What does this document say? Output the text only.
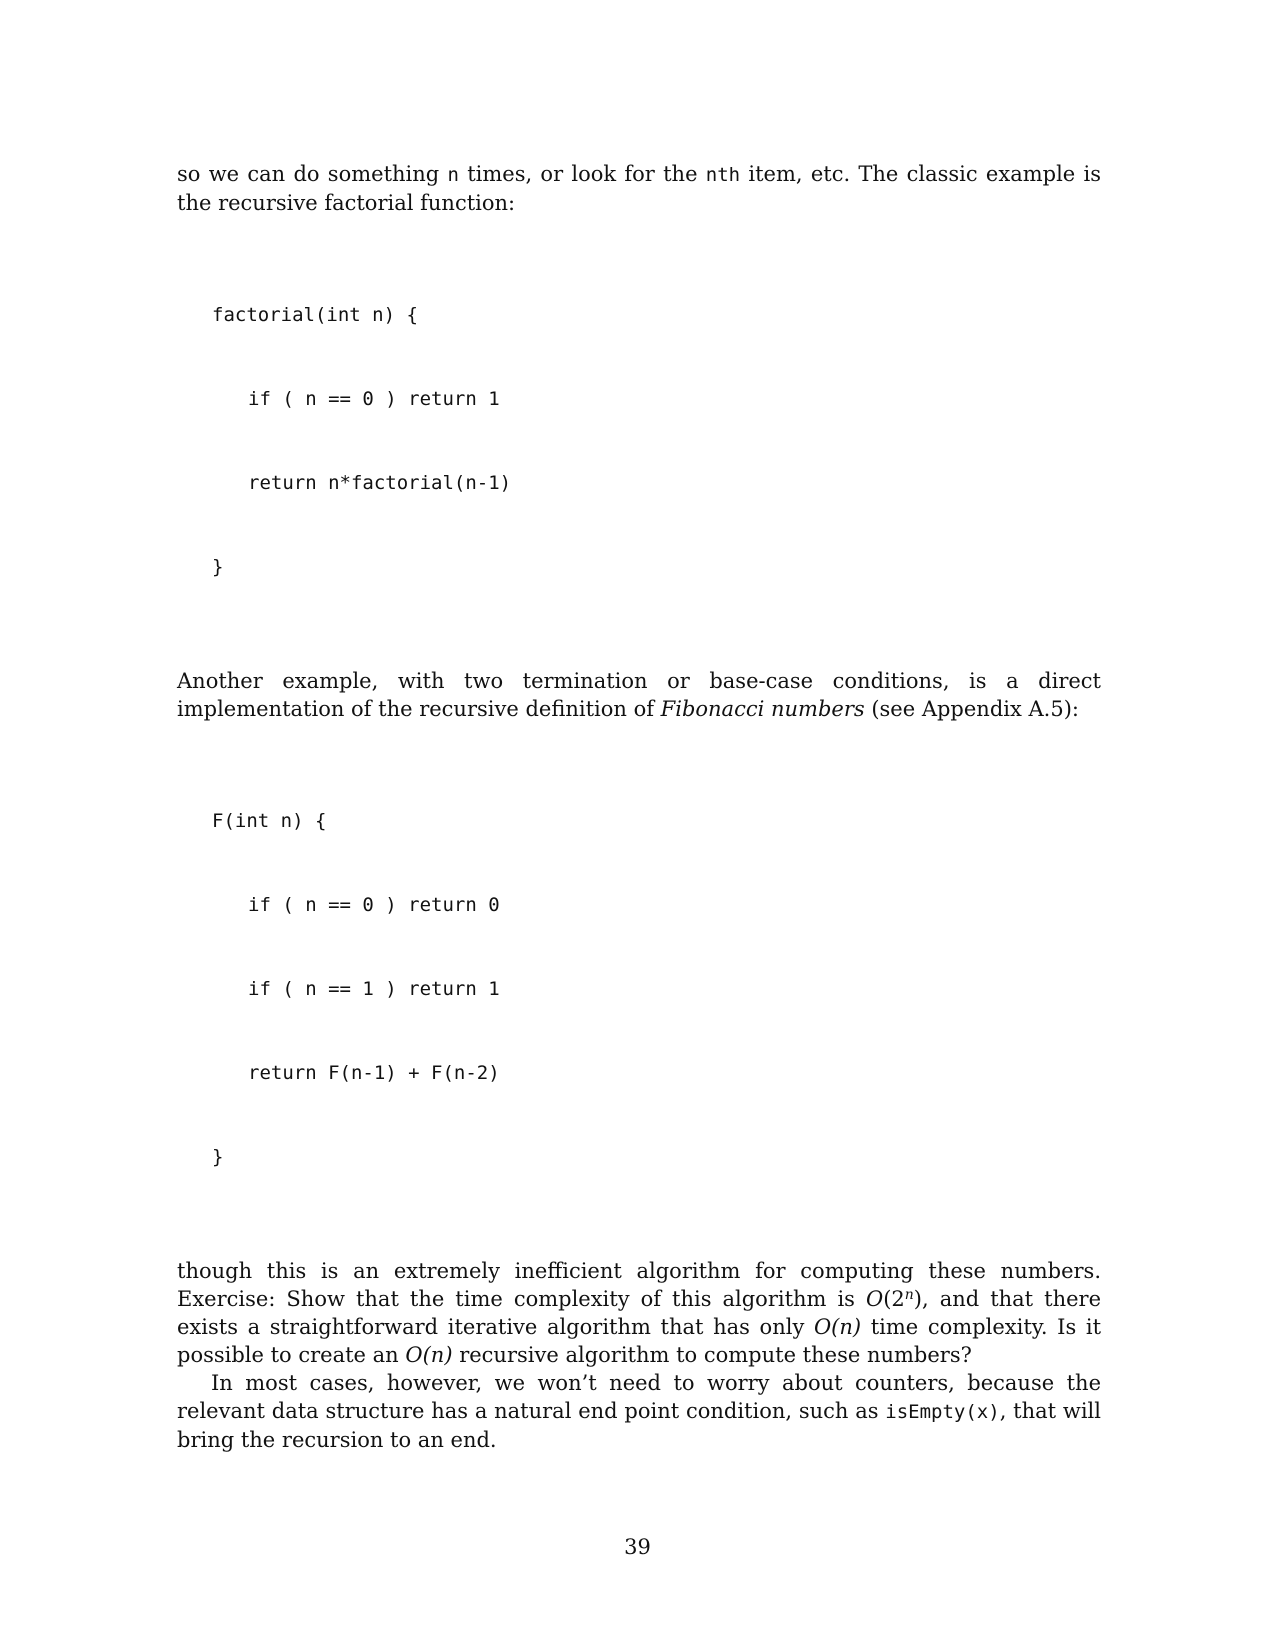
so we can do something n times, or look for the nth item, etc. The classic example is the recursive factorial function:

factorial(int n) {

if ( n == 0 ) return 1

return n*factorial(n-1)

}

Another example, with two termination or base-case conditions, is a direct implementation of the recursive definition of Fibonacci numbers (see Appendix A.5):

F(int n) {

if ( n == 0 ) return 0

if ( n == 1 ) return 1

return F(n-1) + F(n-2)

}

though this is an extremely inefficient algorithm for computing these numbers. Exercise: Show that the time complexity of this algorithm is O(2$^n$), and that there exists a straightforward iterative algorithm that has only O(n) time complexity. Is it possible to create an O(n) recursive algorithm to compute these numbers?

In most cases, however, we won’t need to worry about counters, because the relevant data structure has a natural end point condition, such as isEmpty(x), that will bring the recursion to an end.

39
